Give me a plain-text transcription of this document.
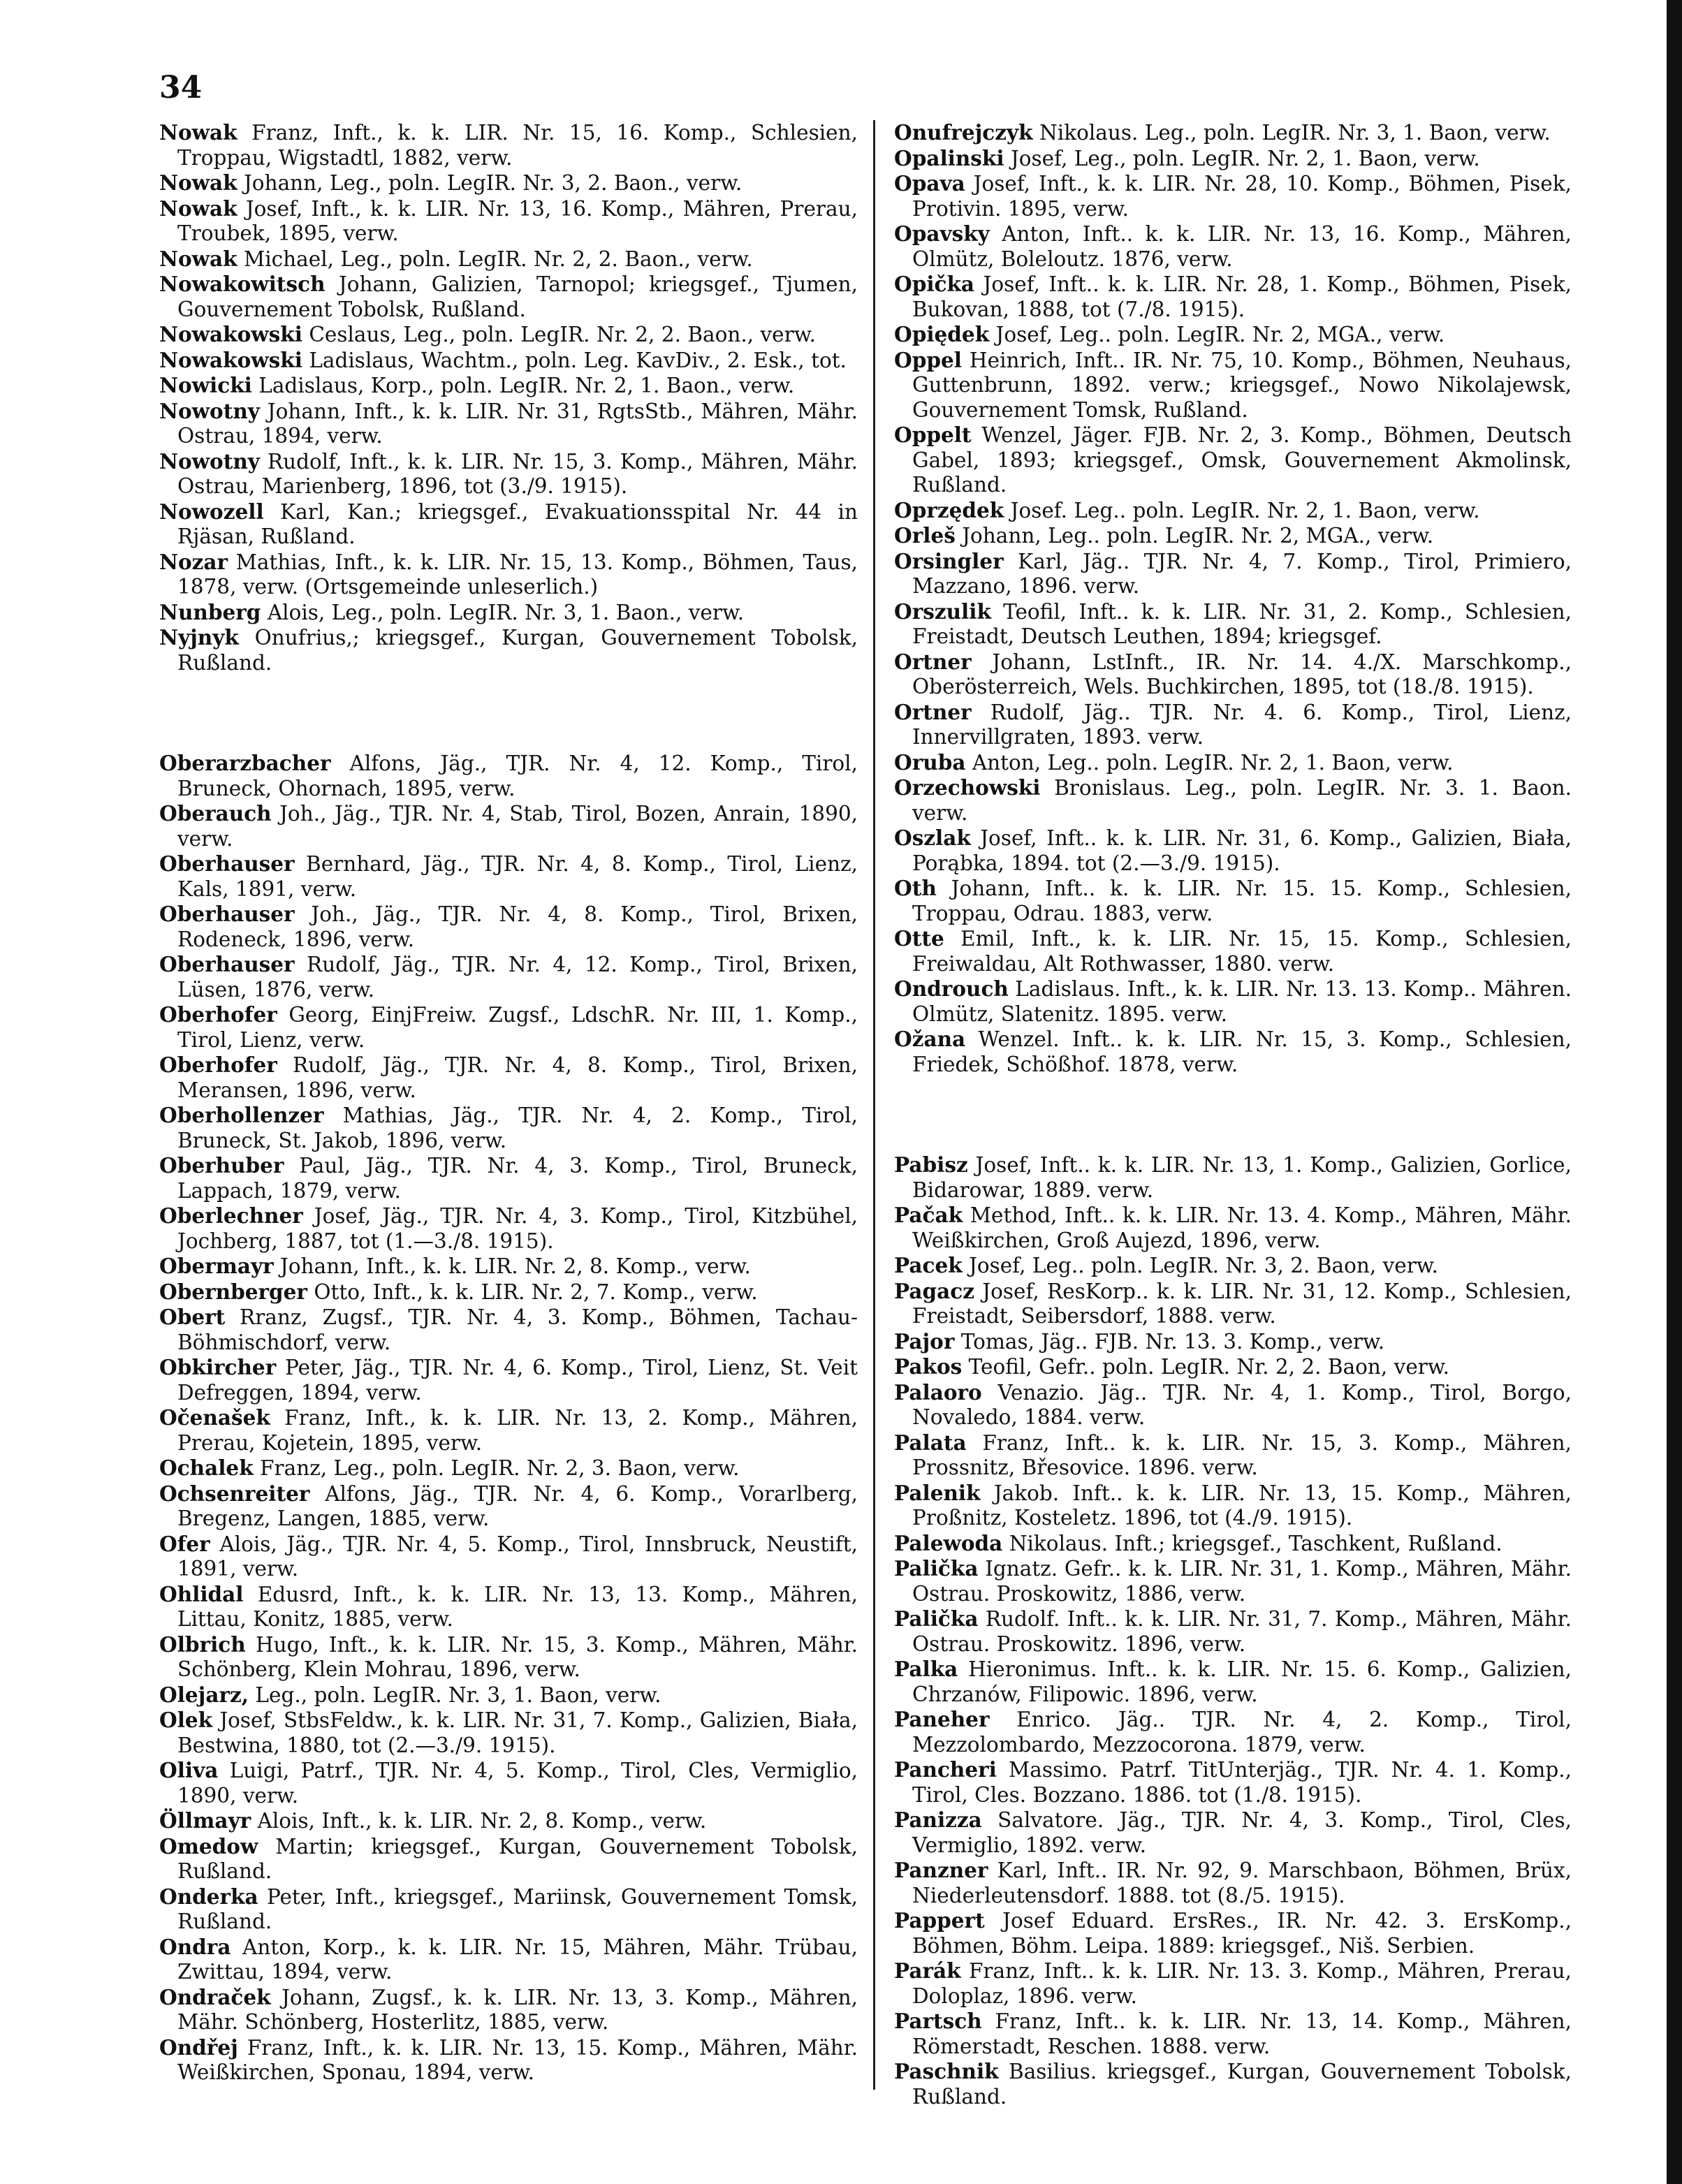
34
Nowak Franz, Inft., k. k. LIR. Nr. 15, 16. Komp., Schlesien, Troppau, Wigstadtl, 1882, verw.
Nowak Johann, Leg., poln. LegIR. Nr. 3, 2. Baon., verw.
Nowak Josef, Inft., k. k. LIR. Nr. 13, 16. Komp., Mähren, Prerau, Troubek, 1895, verw.
Nowak Michael, Leg., poln. LegIR. Nr. 2, 2. Baon., verw.
Nowakowitsch Johann, Galizien, Tarnopol; kriegsgef., Tjumen, Gouvernement Tobolsk, Rußland.
Nowakowski Ceslaus, Leg., poln. LegIR. Nr. 2, 2. Baon., verw.
Nowakowski Ladislaus, Wachtm., poln. Leg. KavDiv., 2. Esk., tot.
Nowicki Ladislaus, Korp., poln. LegIR. Nr. 2, 1. Baon., verw.
Nowotny Johann, Inft., k. k. LIR. Nr. 31, RgtsStb., Mähren, Mähr. Ostrau, 1894, verw.
Nowotny Rudolf, Inft., k. k. LIR. Nr. 15, 3. Komp., Mähren, Mähr. Ostrau, Marienberg, 1896, tot (3./9. 1915).
Nowozell Karl, Kan.; kriegsgef., Evakuationsspital Nr. 44 in Rjäsan, Rußland.
Nozar Mathias, Inft., k. k. LIR. Nr. 15, 13. Komp., Böhmen, Taus, 1878, verw. (Ortsgemeinde unleserlich.)
Nunberg Alois, Leg., poln. LegIR. Nr. 3, 1. Baon., verw.
Nyjnyk Onufrius,; kriegsgef., Kurgan, Gouvernement Tobolsk, Rußland.
Oberarzbacher Alfons, Jäg., TJR. Nr. 4, 12. Komp., Tirol, Bruneck, Ohornach, 1895, verw.
Oberauch Joh., Jäg., TJR. Nr. 4, Stab, Tirol, Bozen, Anrain, 1890, verw.
Oberhauser Bernhard, Jäg., TJR. Nr. 4, 8. Komp., Tirol, Lienz, Kals, 1891, verw.
Oberhauser Joh., Jäg., TJR. Nr. 4, 8. Komp., Tirol, Brixen, Rodeneck, 1896, verw.
Oberhauser Rudolf, Jäg., TJR. Nr. 4, 12. Komp., Tirol, Brixen, Lüsen, 1876, verw.
Oberhofer Georg, EinjFreiw. Zugsf., LdschR. Nr. III, 1. Komp., Tirol, Lienz, verw.
Oberhofer Rudolf, Jäg., TJR. Nr. 4, 8. Komp., Tirol, Brixen, Meransen, 1896, verw.
Oberhollenzer Mathias, Jäg., TJR. Nr. 4, 2. Komp., Tirol, Bruneck, St. Jakob, 1896, verw.
Oberhuber Paul, Jäg., TJR. Nr. 4, 3. Komp., Tirol, Bruneck, Lappach, 1879, verw.
Oberlechner Josef, Jäg., TJR. Nr. 4, 3. Komp., Tirol, Kitzbühel, Jochberg, 1887, tot (1.—3./8. 1915).
Obermayr Johann, Inft., k. k. LIR. Nr. 2, 8. Komp., verw.
Obernberger Otto, Inft., k. k. LIR. Nr. 2, 7. Komp., verw.
Obert Rranz, Zugsf., TJR. Nr. 4, 3. Komp., Böhmen, Tachau-Böhmischdorf, verw.
Obkircher Peter, Jäg., TJR. Nr. 4, 6. Komp., Tirol, Lienz, St. Veit Defreggen, 1894, verw.
Očenašek Franz, Inft., k. k. LIR. Nr. 13, 2. Komp., Mähren, Prerau, Kojetein, 1895, verw.
Ochalek Franz, Leg., poln. LegIR. Nr. 2, 3. Baon, verw.
Ochsenreiter Alfons, Jäg., TJR. Nr. 4, 6. Komp., Vorarlberg, Bregenz, Langen, 1885, verw.
Ofer Alois, Jäg., TJR. Nr. 4, 5. Komp., Tirol, Innsbruck, Neustift, 1891, verw.
Ohlidal Edusrd, Inft., k. k. LIR. Nr. 13, 13. Komp., Mähren, Littau, Konitz, 1885, verw.
Olbrich Hugo, Inft., k. k. LIR. Nr. 15, 3. Komp., Mähren, Mähr. Schönberg, Klein Mohrau, 1896, verw.
Olejarz, Leg., poln. LegIR. Nr. 3, 1. Baon, verw.
Olek Josef, StbsFeldw., k. k. LIR. Nr. 31, 7. Komp., Galizien, Biała, Bestwina, 1880, tot (2.—3./9. 1915).
Oliva Luigi, Patrf., TJR. Nr. 4, 5. Komp., Tirol, Cles, Vermiglio, 1890, verw.
Öllmayr Alois, Inft., k. k. LIR. Nr. 2, 8. Komp., verw.
Omedow Martin; kriegsgef., Kurgan, Gouvernement Tobolsk, Rußland.
Onderka Peter, Inft., kriegsgef., Mariinsk, Gouvernement Tomsk, Rußland.
Ondra Anton, Korp., k. k. LIR. Nr. 15, Mähren, Mähr. Trübau, Zwittau, 1894, verw.
Ondraček Johann, Zugsf., k. k. LIR. Nr. 13, 3. Komp., Mähren, Mähr. Schönberg, Hosterlitz, 1885, verw.
Ondřej Franz, Inft., k. k. LIR. Nr. 13, 15. Komp., Mähren, Mähr. Weißkirchen, Sponau, 1894, verw.
Onufrejczyk Nikolaus. Leg., poln. LegIR. Nr. 3, 1. Baon, verw.
Opalinski Josef, Leg., poln. LegIR. Nr. 2, 1. Baon, verw.
Opava Josef, Inft., k. k. LIR. Nr. 28, 10. Komp., Böhmen, Pisek, Protivin. 1895, verw.
Opavsky Anton, Inft.. k. k. LIR. Nr. 13, 16. Komp., Mähren, Olmütz, Boleloutz. 1876, verw.
Opička Josef, Inft.. k. k. LIR. Nr. 28, 1. Komp., Böhmen, Pisek, Bukovan, 1888, tot (7./8. 1915).
Opiędek Josef, Leg.. poln. LegIR. Nr. 2, MGA., verw.
Oppel Heinrich, Inft.. IR. Nr. 75, 10. Komp., Böhmen, Neuhaus, Guttenbrunn, 1892. verw.; kriegsgef., Nowo Nikolajewsk, Gouvernement Tomsk, Rußland.
Oppelt Wenzel, Jäger. FJB. Nr. 2, 3. Komp., Böhmen, Deutsch Gabel, 1893; kriegsgef., Omsk, Gouvernement Akmolinsk, Rußland.
Oprzędek Josef. Leg.. poln. LegIR. Nr. 2, 1. Baon, verw.
Orleš Johann, Leg.. poln. LegIR. Nr. 2, MGA., verw.
Orsingler Karl, Jäg.. TJR. Nr. 4, 7. Komp., Tirol, Primiero, Mazzano, 1896. verw.
Orszulik Teofil, Inft.. k. k. LIR. Nr. 31, 2. Komp., Schlesien, Freistadt, Deutsch Leuthen, 1894; kriegsgef.
Ortner Johann, LstInft., IR. Nr. 14. 4./X. Marschkomp., Oberösterreich, Wels. Buchkirchen, 1895, tot (18./8. 1915).
Ortner Rudolf, Jäg.. TJR. Nr. 4. 6. Komp., Tirol, Lienz, Innervillgraten, 1893. verw.
Oruba Anton, Leg.. poln. LegIR. Nr. 2, 1. Baon, verw.
Orzechowski Bronislaus. Leg., poln. LegIR. Nr. 3. 1. Baon. verw.
Oszlak Josef, Inft.. k. k. LIR. Nr. 31, 6. Komp., Galizien, Biała, Porąbka, 1894. tot (2.—3./9. 1915).
Oth Johann, Inft.. k. k. LIR. Nr. 15. 15. Komp., Schlesien, Troppau, Odrau. 1883, verw.
Otte Emil, Inft., k. k. LIR. Nr. 15, 15. Komp., Schlesien, Freiwaldau, Alt Rothwasser, 1880. verw.
Ondrouch Ladislaus. Inft., k. k. LIR. Nr. 13. 13. Komp.. Mähren. Olmütz, Slatenitz. 1895. verw.
Ožana Wenzel. Inft.. k. k. LIR. Nr. 15, 3. Komp., Schlesien, Friedek, Schößhof. 1878, verw.
Pabisz Josef, Inft.. k. k. LIR. Nr. 13, 1. Komp., Galizien, Gorlice, Bidarowar, 1889. verw.
Pačak Method, Inft.. k. k. LIR. Nr. 13. 4. Komp., Mähren, Mähr. Weißkirchen, Groß Aujezd, 1896, verw.
Pacek Josef, Leg.. poln. LegIR. Nr. 3, 2. Baon, verw.
Pagacz Josef, ResKorp.. k. k. LIR. Nr. 31, 12. Komp., Schlesien, Freistadt, Seibersdorf, 1888. verw.
Pajor Tomas, Jäg.. FJB. Nr. 13. 3. Komp., verw.
Pakos Teofil, Gefr.. poln. LegIR. Nr. 2, 2. Baon, verw.
Palaoro Venazio. Jäg.. TJR. Nr. 4, 1. Komp., Tirol, Borgo, Novaledo, 1884. verw.
Palata Franz, Inft.. k. k. LIR. Nr. 15, 3. Komp., Mähren, Prossnitz, Břesovice. 1896. verw.
Palenik Jakob. Inft.. k. k. LIR. Nr. 13, 15. Komp., Mähren, Proßnitz, Kosteletz. 1896, tot (4./9. 1915).
Palewoda Nikolaus. Inft.; kriegsgef., Taschkent, Rußland.
Palička Ignatz. Gefr.. k. k. LIR. Nr. 31, 1. Komp., Mähren, Mähr. Ostrau. Proskowitz, 1886, verw.
Palička Rudolf. Inft.. k. k. LIR. Nr. 31, 7. Komp., Mähren, Mähr. Ostrau. Proskowitz. 1896, verw.
Palka Hieronimus. Inft.. k. k. LIR. Nr. 15. 6. Komp., Galizien, Chrzanów, Filipowic. 1896, verw.
Paneher Enrico. Jäg.. TJR. Nr. 4, 2. Komp., Tirol, Mezzolombardo, Mezzocorona. 1879, verw.
Pancheri Massimo. Patrf. TitUnterjäg., TJR. Nr. 4. 1. Komp., Tirol, Cles. Bozzano. 1886. tot (1./8. 1915).
Panizza Salvatore. Jäg., TJR. Nr. 4, 3. Komp., Tirol, Cles, Vermiglio, 1892. verw.
Panzner Karl, Inft.. IR. Nr. 92, 9. Marschbaon, Böhmen, Brüx, Niederleutensdorf. 1888. tot (8./5. 1915).
Pappert Josef Eduard. ErsRes., IR. Nr. 42. 3. ErsKomp., Böhmen, Böhm. Leipa. 1889: kriegsgef., Niš. Serbien.
Parák Franz, Inft.. k. k. LIR. Nr. 13. 3. Komp., Mähren, Prerau, Doloplaz, 1896. verw.
Partsch Franz, Inft.. k. k. LIR. Nr. 13, 14. Komp., Mähren, Römerstadt, Reschen. 1888. verw.
Paschnik Basilius. kriegsgef., Kurgan, Gouvernement Tobolsk, Rußland.
